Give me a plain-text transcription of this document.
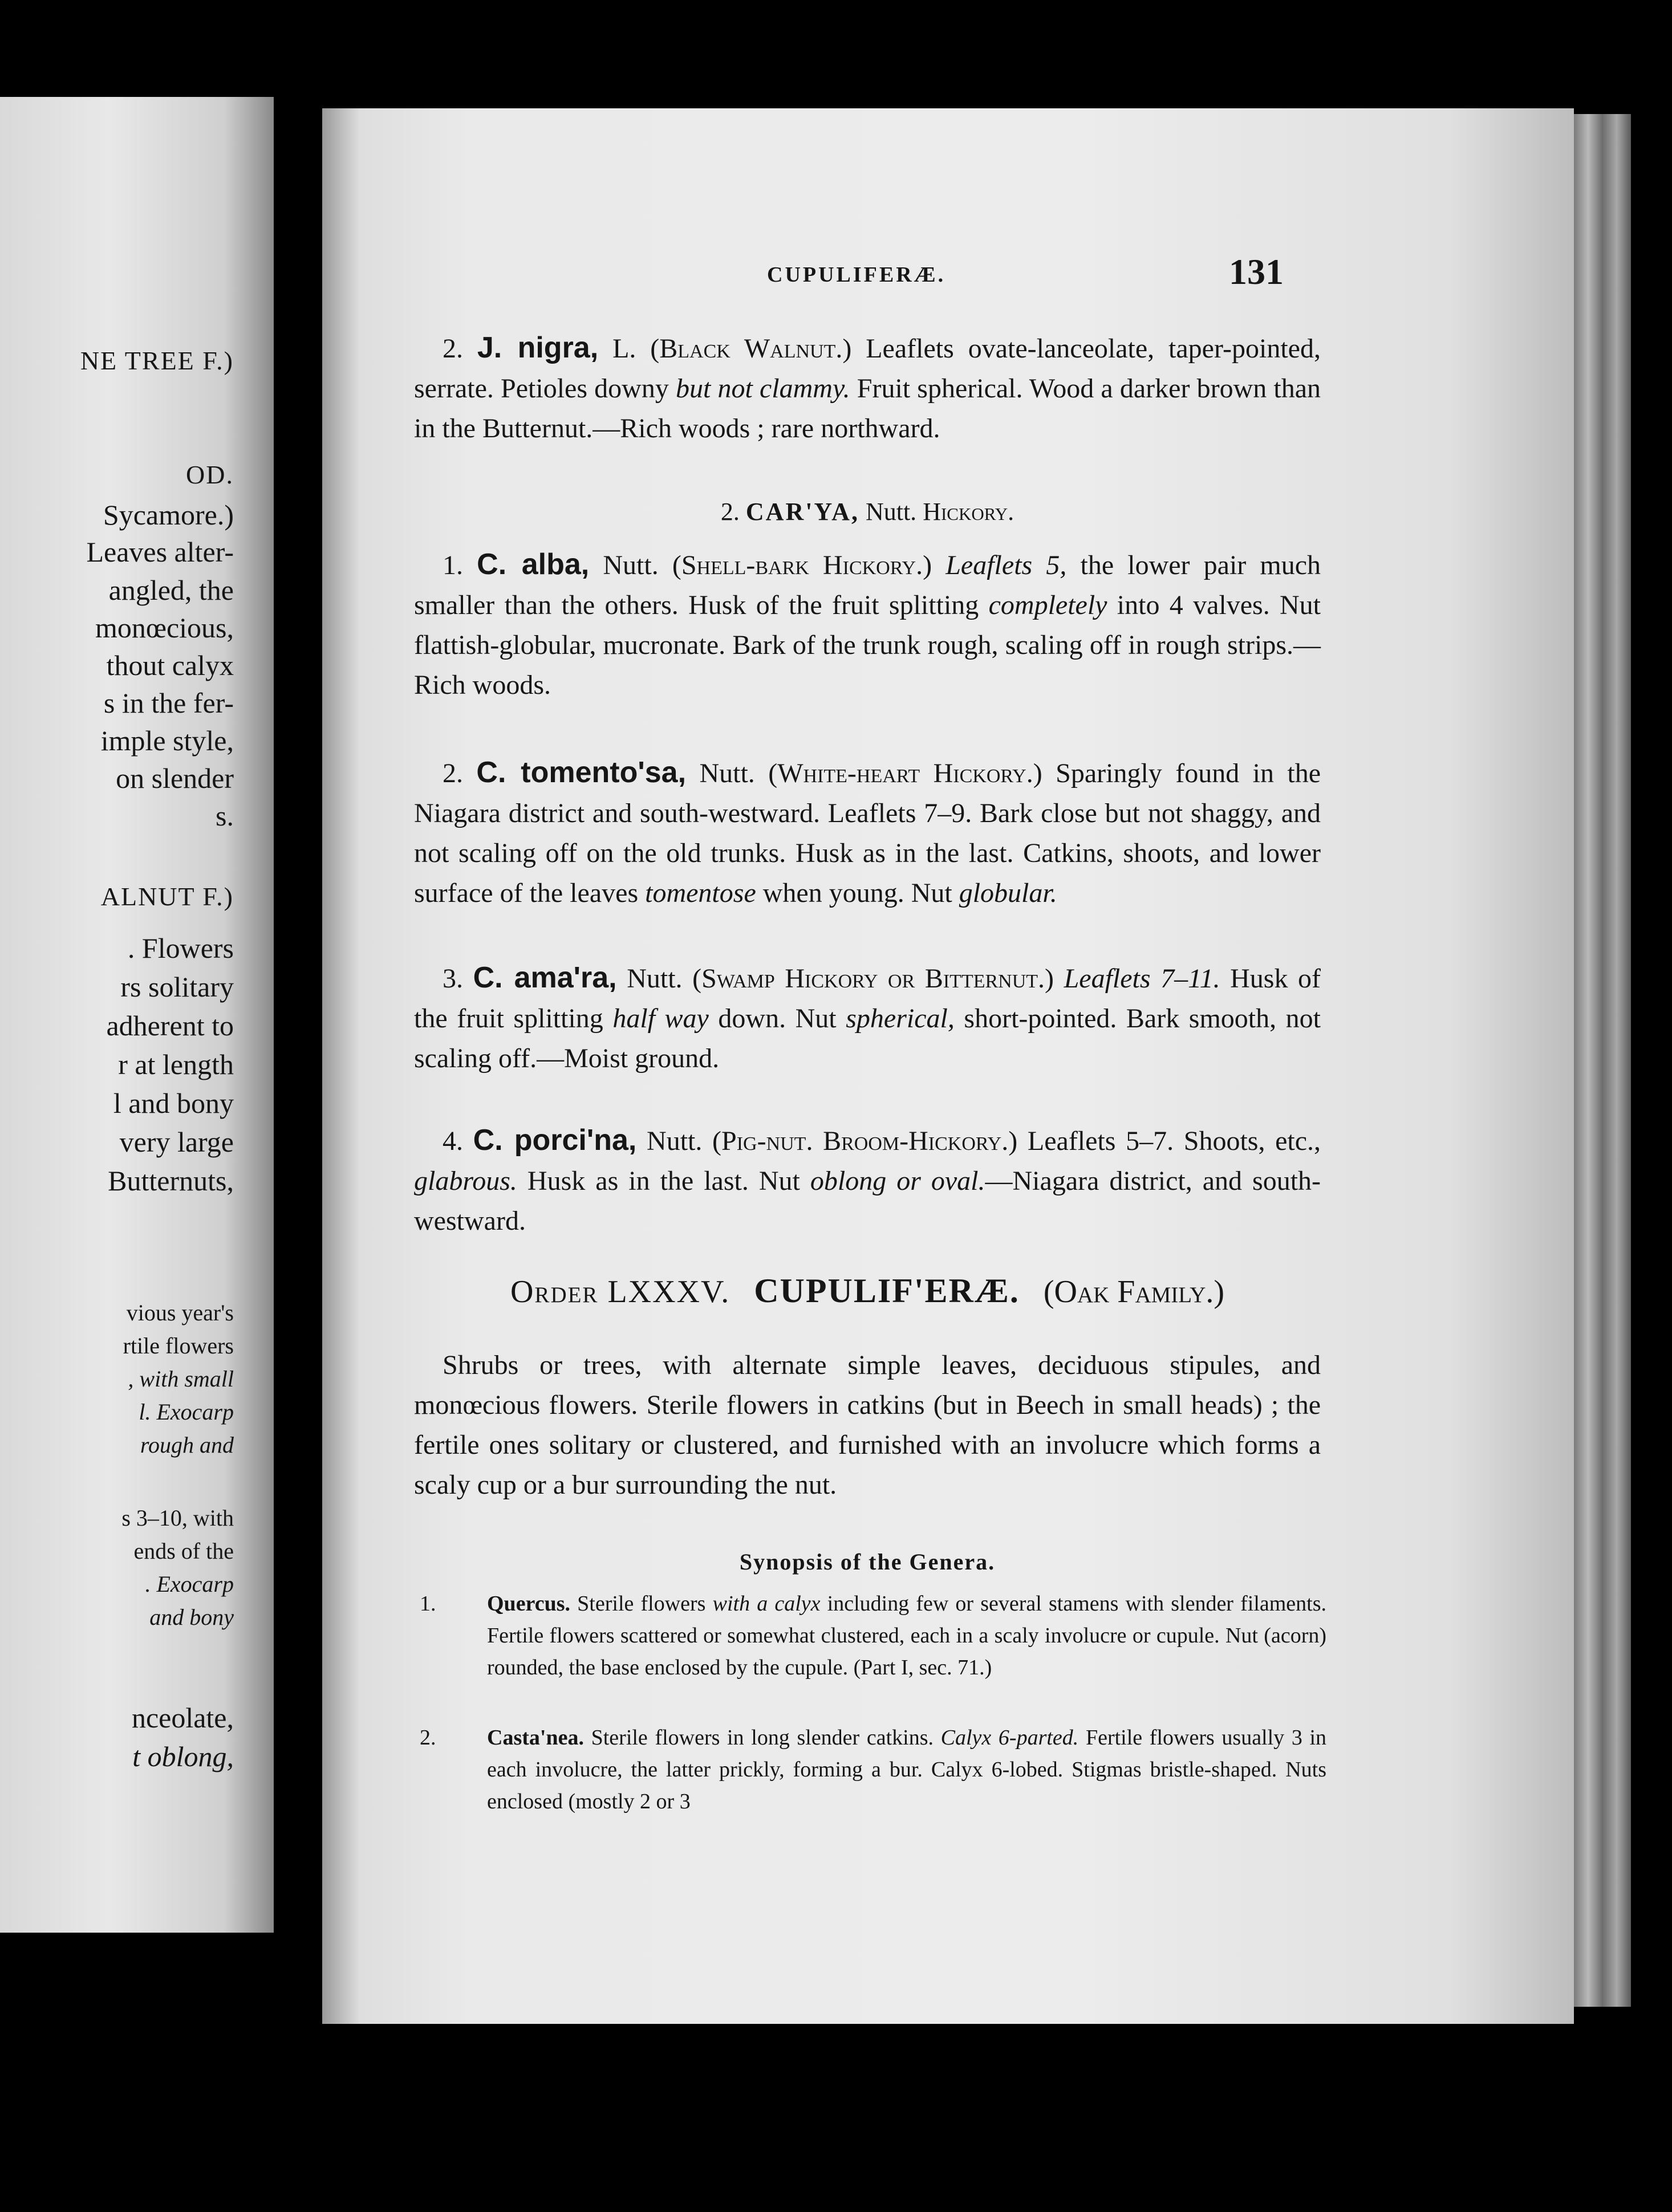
NE TREE F.)
OD.
Sycamore.)
Leaves alter-
angled, the
monœcious,
thout calyx
s in the fer-
imple style,
on slender
s.
ALNUT F.)
. Flowers
rs solitary
adherent to
r at length
l and bony
very large
Butternuts,
vious year's
rtile flowers
, with small
l. Exocarp
rough and
s 3–10, with
ends of the
. Exocarp
and bony
nceolate,
t oblong,
CUPULIFERÆ.	131

2. J. nigra, L. (Black Walnut.) Leaflets ovate-lanceolate, taper-pointed, serrate. Petioles downy but not clammy. Fruit spherical. Wood a darker brown than in the Butternut.—Rich woods ; rare northward.

2. CAR'YA, Nutt. Hickory.

1. C. alba, Nutt. (Shell-bark Hickory.) Leaflets 5, the lower pair much smaller than the others. Husk of the fruit splitting completely into 4 valves. Nut flattish-globular, mucronate. Bark of the trunk rough, scaling off in rough strips.—Rich woods.

2. C. tomento'sa, Nutt. (White-heart Hickory.) Sparingly found in the Niagara district and south-westward. Leaflets 7–9. Bark close but not shaggy, and not scaling off on the old trunks. Husk as in the last. Catkins, shoots, and lower surface of the leaves tomentose when young. Nut globular.

3. C. ama'ra, Nutt. (Swamp Hickory or Bitternut.) Leaflets 7–11. Husk of the fruit splitting half way down. Nut spherical, short-pointed. Bark smooth, not scaling off.—Moist ground.

4. C. porci'na, Nutt. (Pig-nut. Broom-Hickory.) Leaflets 5–7. Shoots, etc., glabrous. Husk as in the last. Nut oblong or oval.—Niagara district, and south-westward.

Order LXXXV. CUPULIF'ERÆ. (Oak Family.)

Shrubs or trees, with alternate simple leaves, deciduous stipules, and monœcious flowers. Sterile flowers in catkins (but in Beech in small heads) ; the fertile ones solitary or clustered, and furnished with an involucre which forms a scaly cup or a bur surrounding the nut.

Synopsis of the Genera.
1. Quercus. Sterile flowers with a calyx including few or several stamens with slender filaments. Fertile flowers scattered or somewhat clustered, each in a scaly involucre or cupule. Nut (acorn) rounded, the base enclosed by the cupule. (Part I, sec. 71.)
2. Casta'nea. Sterile flowers in long slender catkins. Calyx 6-parted. Fertile flowers usually 3 in each involucre, the latter prickly, forming a bur. Calyx 6-lobed. Stigmas bristle-shaped. Nuts enclosed (mostly 2 or 3
